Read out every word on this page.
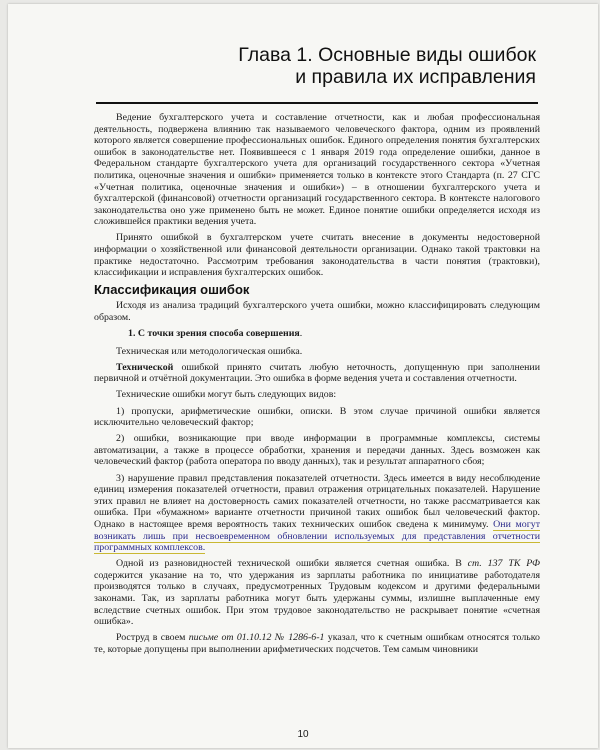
Глава 1. Основные виды ошибок
и правила их исправления

Ведение бухгалтерского учета и составление отчетности, как и любая профессиональная деятельность, подвержена влиянию так называемого человеческого фактора, одним из проявлений которого является совершение профессиональных ошибок. Единого определения понятия бухгалтерских ошибок в законодательстве нет. Появившееся с 1 января 2019 года определение ошибки, данное в Федеральном стандарте бухгалтерского учета для организаций государственного сектора «Учетная политика, оценочные значения и ошибки» применяется только в контексте этого Стандарта (п. 27 СГС «Учетная политика, оценочные значения и ошибки») – в отношении бухгалтерского учета и бухгалтерской (финансовой) отчетности организаций государственного сектора. В контексте налогового законодательства оно уже применено быть не может. Единое понятие ошибки определяется исходя из сложившейся практики ведения учета.

Принято ошибкой в бухгалтерском учете считать внесение в документы недостоверной информации о хозяйственной или финансовой деятельности организации. Однако такой трактовки на практике недостаточно. Рассмотрим требования законодательства в части понятия (трактовки), классификации и исправления бухгалтерских ошибок.

Классификация ошибок

Исходя из анализа традиций бухгалтерского учета ошибки, можно классифицировать следующим образом.

1. С точки зрения способа совершения.

Техническая или методологическая ошибка.

Технической ошибкой принято считать любую неточность, допущенную при заполнении первичной и отчётной документации. Это ошибка в форме ведения учета и составления отчетности.

Технические ошибки могут быть следующих видов:

1) пропуски, арифметические ошибки, описки. В этом случае причиной ошибки является исключительно человеческий фактор;

2) ошибки, возникающие при вводе информации в программные комплексы, системы автоматизации, а также в процессе обработки, хранения и передачи данных. Здесь возможен как человеческий фактор (работа оператора по вводу данных), так и результат аппаратного сбоя;

3) нарушение правил представления показателей отчетности. Здесь имеется в виду несоблюдение единиц измерения показателей отчетности, правил отражения отрицательных показателей. Нарушение этих правил не влияет на достоверность самих показателей отчетности, но также рассматривается как ошибка. При «бумажном» варианте отчетности причиной таких ошибок был человеческий фактор. Однако в настоящее время вероятность таких технических ошибок сведена к минимуму. Они могут возникать лишь при несвоевременном обновлении используемых для представления отчетности программных комплексов.

Одной из разновидностей технической ошибки является счетная ошибка. В ст. 137 ТК РФ содержится указание на то, что удержания из зарплаты работника по инициативе работодателя производятся только в случаях, предусмотренных Трудовым кодексом и другими федеральными законами. Так, из зарплаты работника могут быть удержаны суммы, излишне выплаченные ему вследствие счетных ошибок. При этом трудовое законодательство не раскрывает понятие «счетная ошибка».

Роструд в своем письме от 01.10.12 № 1286-6-1 указал, что к счетным ошибкам относятся только те, которые допущены при выполнении арифметических подсчетов. Тем самым чиновники

10
